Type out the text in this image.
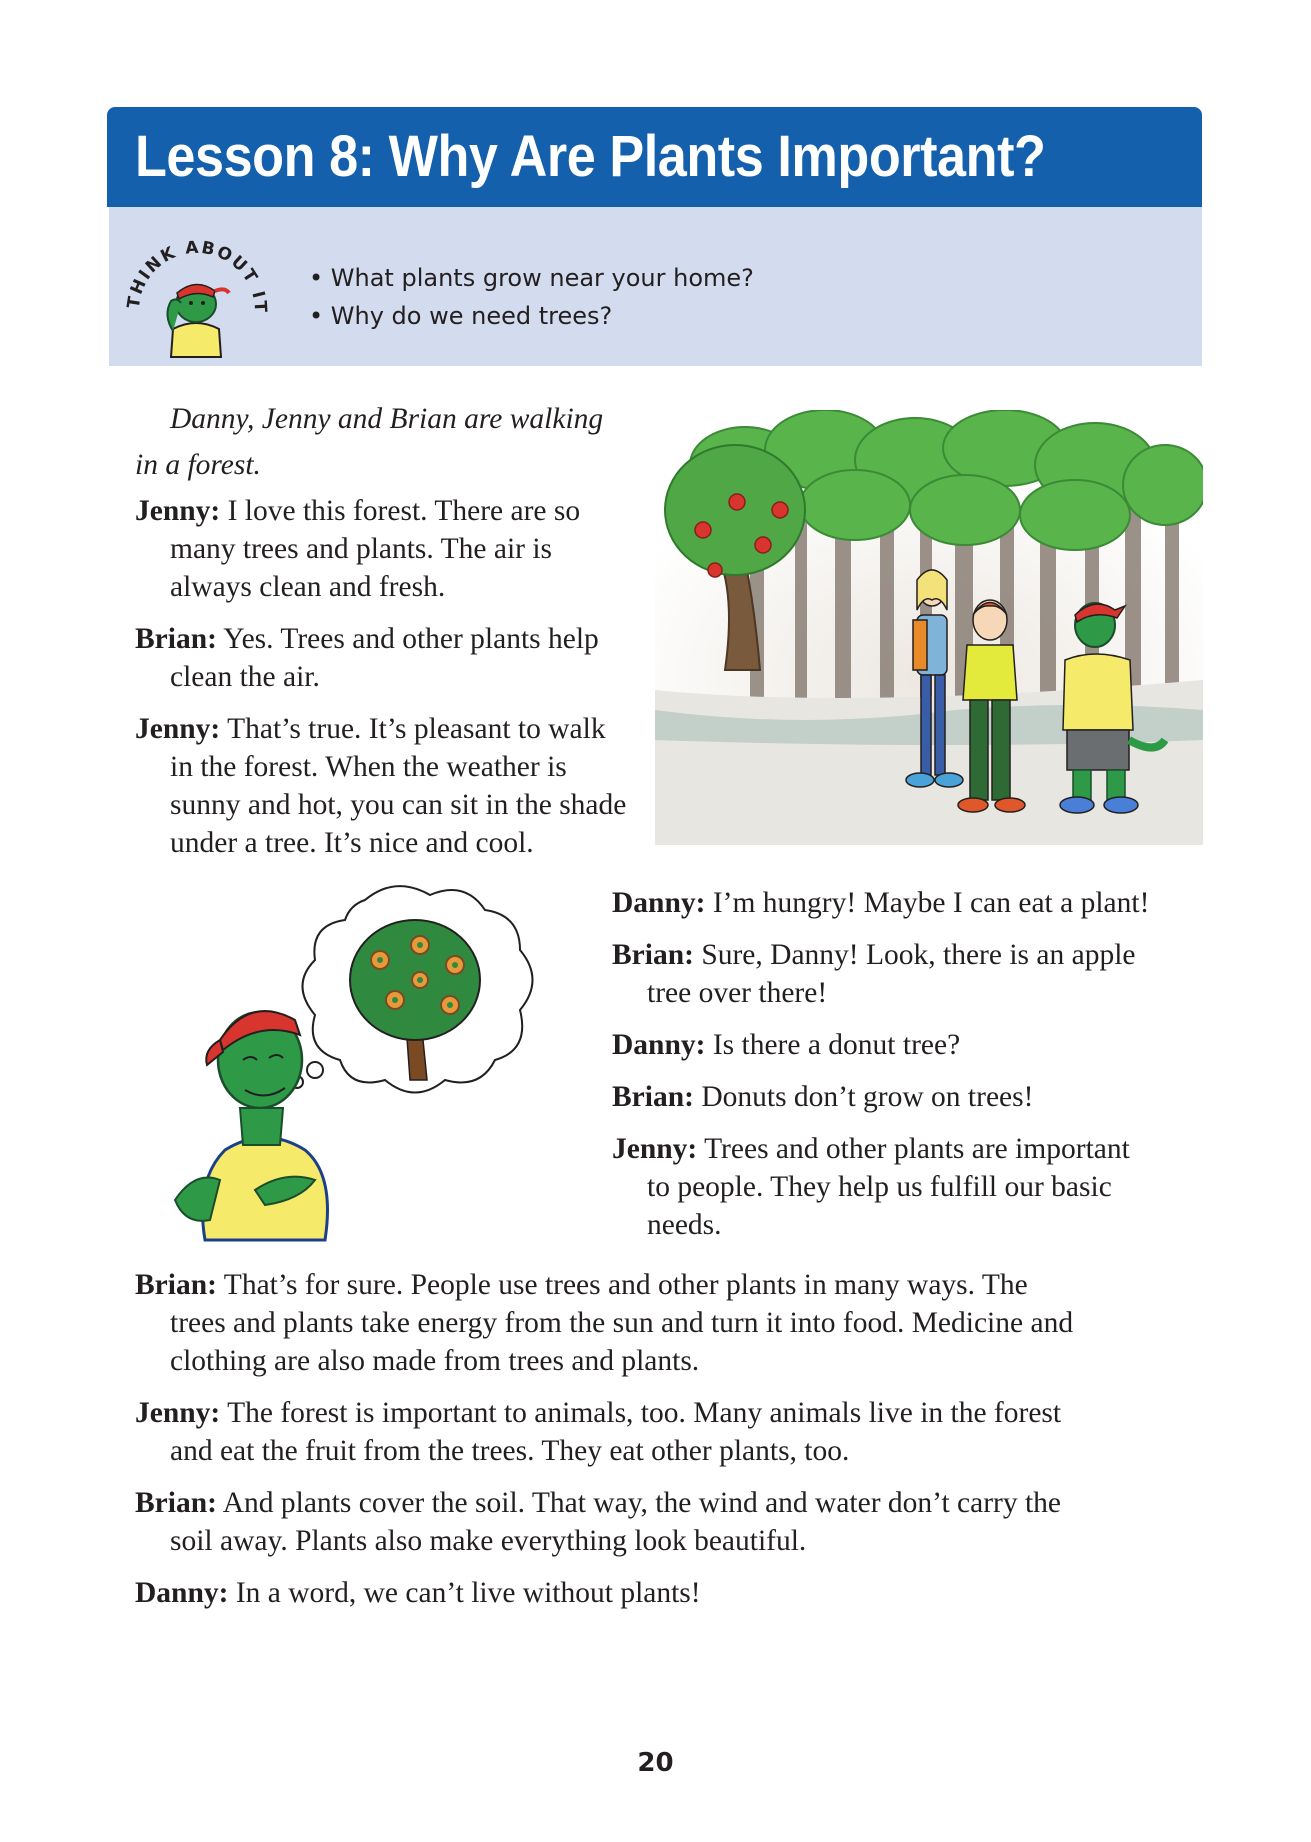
Lesson 8: Why Are Plants Important?
THINK ABOUT IT
• What plants grow near your home?
• Why do we need trees?
Danny, Jenny and Brian are walking
in a forest.
Jenny: I love this forest. There are so
many trees and plants. The air is
always clean and fresh.
Brian: Yes. Trees and other plants help
clean the air.
Jenny: That’s true. It’s pleasant to walk
in the forest. When the weather is
sunny and hot, you can sit in the shade
under a tree. It’s nice and cool.
Danny: I’m hungry! Maybe I can eat a plant!
Brian: Sure, Danny! Look, there is an apple
tree over there!
Danny: Is there a donut tree?
Brian: Donuts don’t grow on trees!
Jenny: Trees and other plants are important
to people. They help us fulfill our basic
needs.
Brian: That’s for sure. People use trees and other plants in many ways. The
trees and plants take energy from the sun and turn it into food. Medicine and
clothing are also made from trees and plants.
Jenny: The forest is important to animals, too. Many animals live in the forest
and eat the fruit from the trees. They eat other plants, too.
Brian: And plants cover the soil. That way, the wind and water don’t carry the
soil away. Plants also make everything look beautiful.
Danny: In a word, we can’t live without plants!
20
